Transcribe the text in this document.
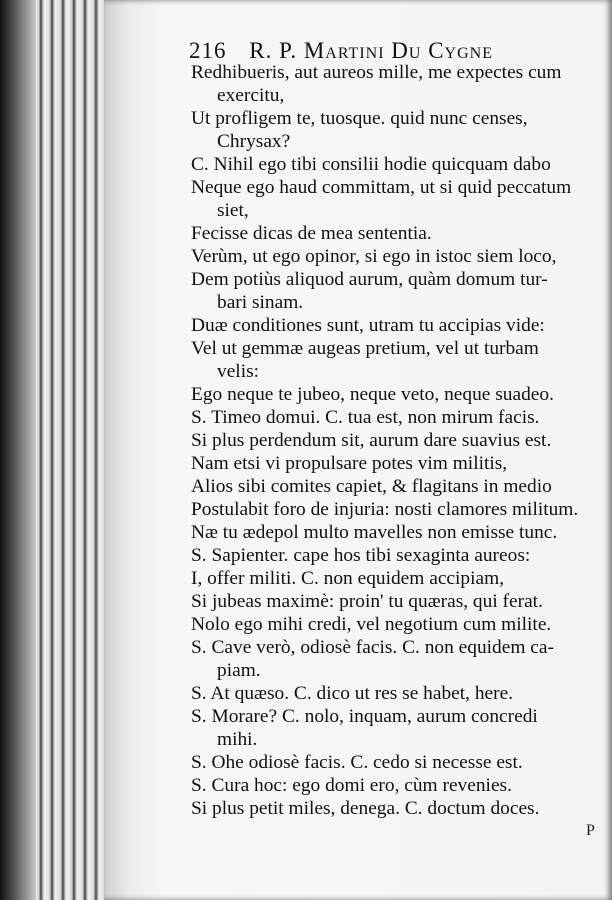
216 R. P. Martini Du Cygne
Redhibueris, aut aureos mille, me expectes cum
exercitu,
Ut profligem te, tuosque. quid nunc censes,
Chrysax?
C. Nihil ego tibi consilii hodie quicquam dabo
Neque ego haud committam, ut si quid peccatum
siet,
Fecisse dicas de mea sententia.
Verùm, ut ego opinor, si ego in istoc siem loco,
Dem potiùs aliquod aurum, quàm domum tur-
bari sinam.
Duæ conditiones sunt, utram tu accipias vide:
Vel ut gemmæ augeas pretium, vel ut turbam
velis:
Ego neque te jubeo, neque veto, neque suadeo.
S. Timeo domui. C. tua est, non mirum facis.
Si plus perdendum sit, aurum dare suavius est.
Nam etsi vi propulsare potes vim militis,
Alios sibi comites capiet, & flagitans in medio
Postulabit foro de injuria: nosti clamores militum.
Næ tu ædepol multo mavelles non emisse tunc.
S. Sapienter. cape hos tibi sexaginta aureos:
I, offer militi. C. non equidem accipiam,
Si jubeas maximè: proin' tu quæras, qui ferat.
Nolo ego mihi credi, vel negotium cum milite.
S. Cave verò, odiosè facis. C. non equidem ca-
piam.
S. At quæso. C. dico ut res se habet, here.
S. Morare? C. nolo, inquam, aurum concredi
mihi.
S. Ohe odiosè facis. C. cedo si necesse est.
S. Cura hoc: ego domi ero, cùm revenies.
Si plus petit miles, denega. C. doctum doces.
P
